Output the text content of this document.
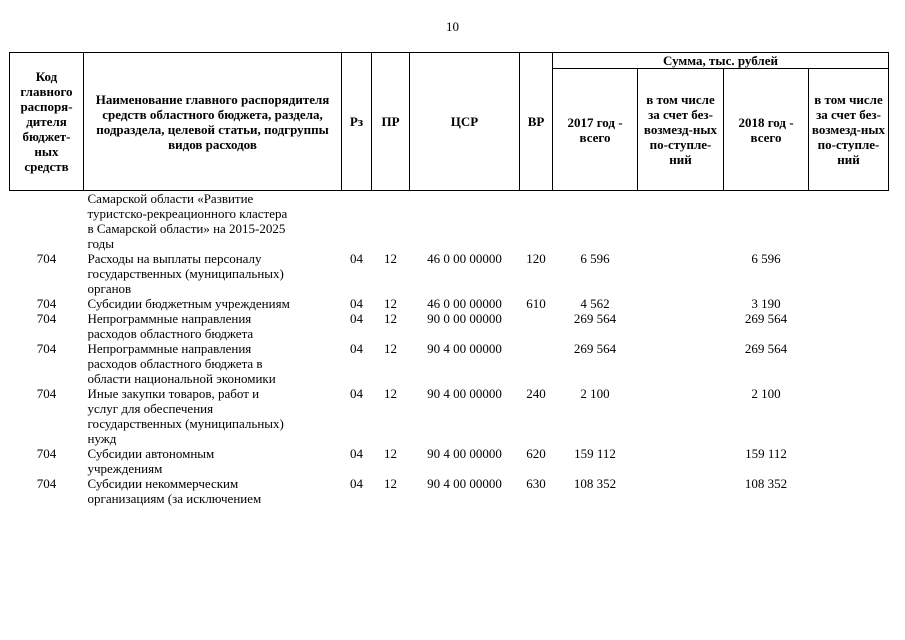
10
Код главного распоря-дителя бюджет-ных средств	Наименование главного распорядителя средств областного бюджета, раздела, подраздела, целевой статьи, подгруппы видов расходов	Рз	ПР	ЦСР	ВР	Сумма, тыс. рублей			
						2017 год - всего	в том числе за счет без-возмезд-ных по-ступле-ний	2018 год - всего	в том числе за счет без-возмезд-ных по-ступле-ний
	Самарской области «Развитие
туристско-рекреационного кластера
в Самарской области» на 2015-2025
годы								
704	Расходы на выплаты персоналу
государственных (муниципальных)
органов	04	12	46 0 00 00000	120	6 596		6 596	
704	Субсидии бюджетным учреждениям	04	12	46 0 00 00000	610	4 562		3 190	
704	Непрограммные направления
расходов областного бюджета	04	12	90 0 00 00000		269 564		269 564	
704	Непрограммные направления
расходов областного бюджета в
области национальной экономики	04	12	90 4 00 00000		269 564		269 564	
704	Иные закупки товаров, работ и
услуг для обеспечения
государственных (муниципальных)
нужд	04	12	90 4 00 00000	240	2 100		2 100	
704	Субсидии автономным
учреждениям	04	12	90 4 00 00000	620	159 112		159 112	
704	Субсидии некоммерческим
организациям (за исключением	04	12	90 4 00 00000	630	108 352		108 352	
